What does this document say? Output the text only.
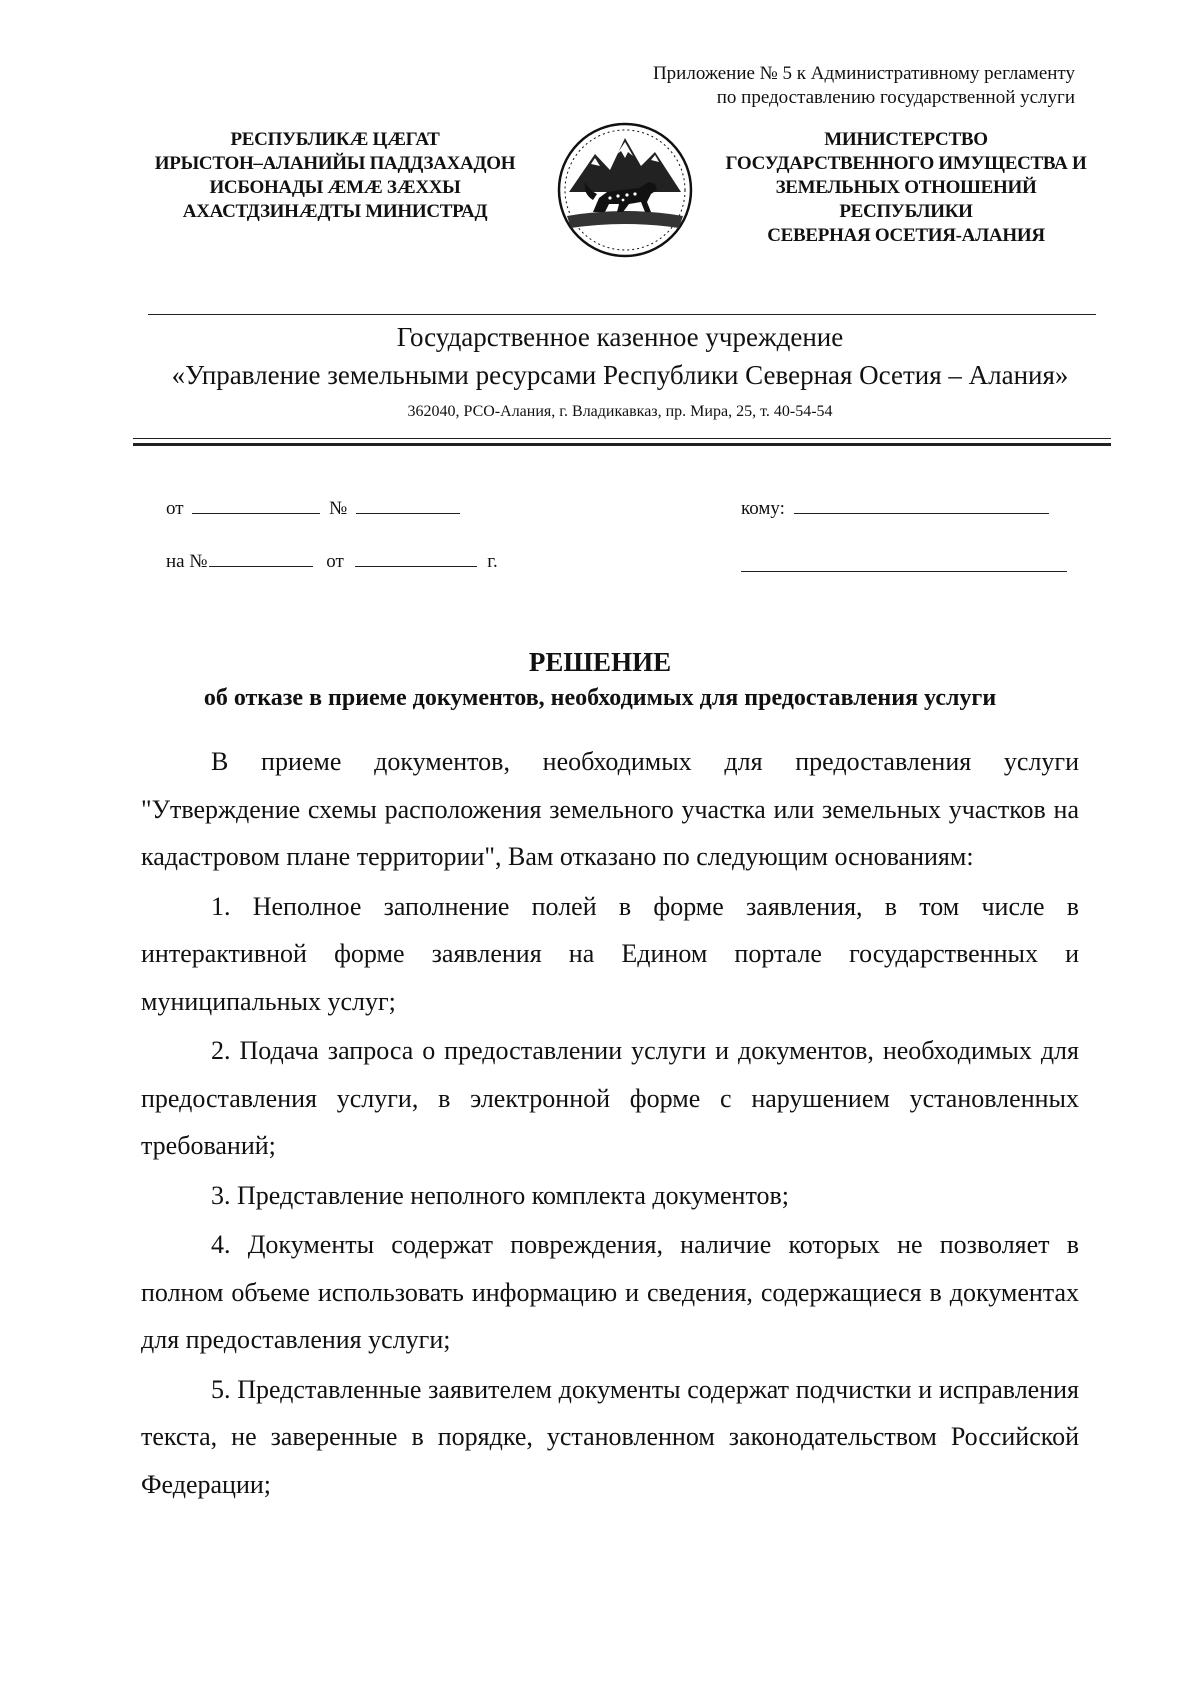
Приложение № 5 к Административному регламенту
по предоставлению государственной услуги
РЕСПУБЛИКÆ ЦÆГАТ
ИРЫСТОН–АЛАНИЙЫ ПАДДЗАХАДОН
ИСБОНАДЫ ÆМÆ ЗÆХХЫ
АХАСТДЗИНÆДТЫ МИНИСТРАД
МИНИСТЕРСТВО
ГОСУДАРСТВЕННОГО ИМУЩЕСТВА И
ЗЕМЕЛЬНЫХ ОТНОШЕНИЙ
РЕСПУБЛИКИ
СЕВЕРНАЯ ОСЕТИЯ-АЛАНИЯ
Государственное казенное учреждение
«Управление земельными ресурсами Республики Северная Осетия – Алания»
362040, РСО-Алания, г. Владикавказ, пр. Мира, 25, т. 40-54-54
от	№
на №	от	г.
кому:
РЕШЕНИЕ
об отказе в приеме документов, необходимых для предоставления услуги

В приеме документов, необходимых для предоставления услуги "Утверждение схемы расположения земельного участка или земельных участков на кадастровом плане территории", Вам отказано по следующим основаниям:

1. Неполное заполнение полей в форме заявления, в том числе в интерактивной форме заявления на Едином портале государственных и муниципальных услуг;

2. Подача запроса о предоставлении услуги и документов, необходимых для предоставления услуги, в электронной форме с нарушением установленных требований;

3. Представление неполного комплекта документов;

4. Документы содержат повреждения, наличие которых не позволяет в полном объеме использовать информацию и сведения, содержащиеся в документах для предоставления услуги;

5. Представленные заявителем документы содержат подчистки и исправления текста, не заверенные в порядке, установленном законодательством Российской Федерации;
